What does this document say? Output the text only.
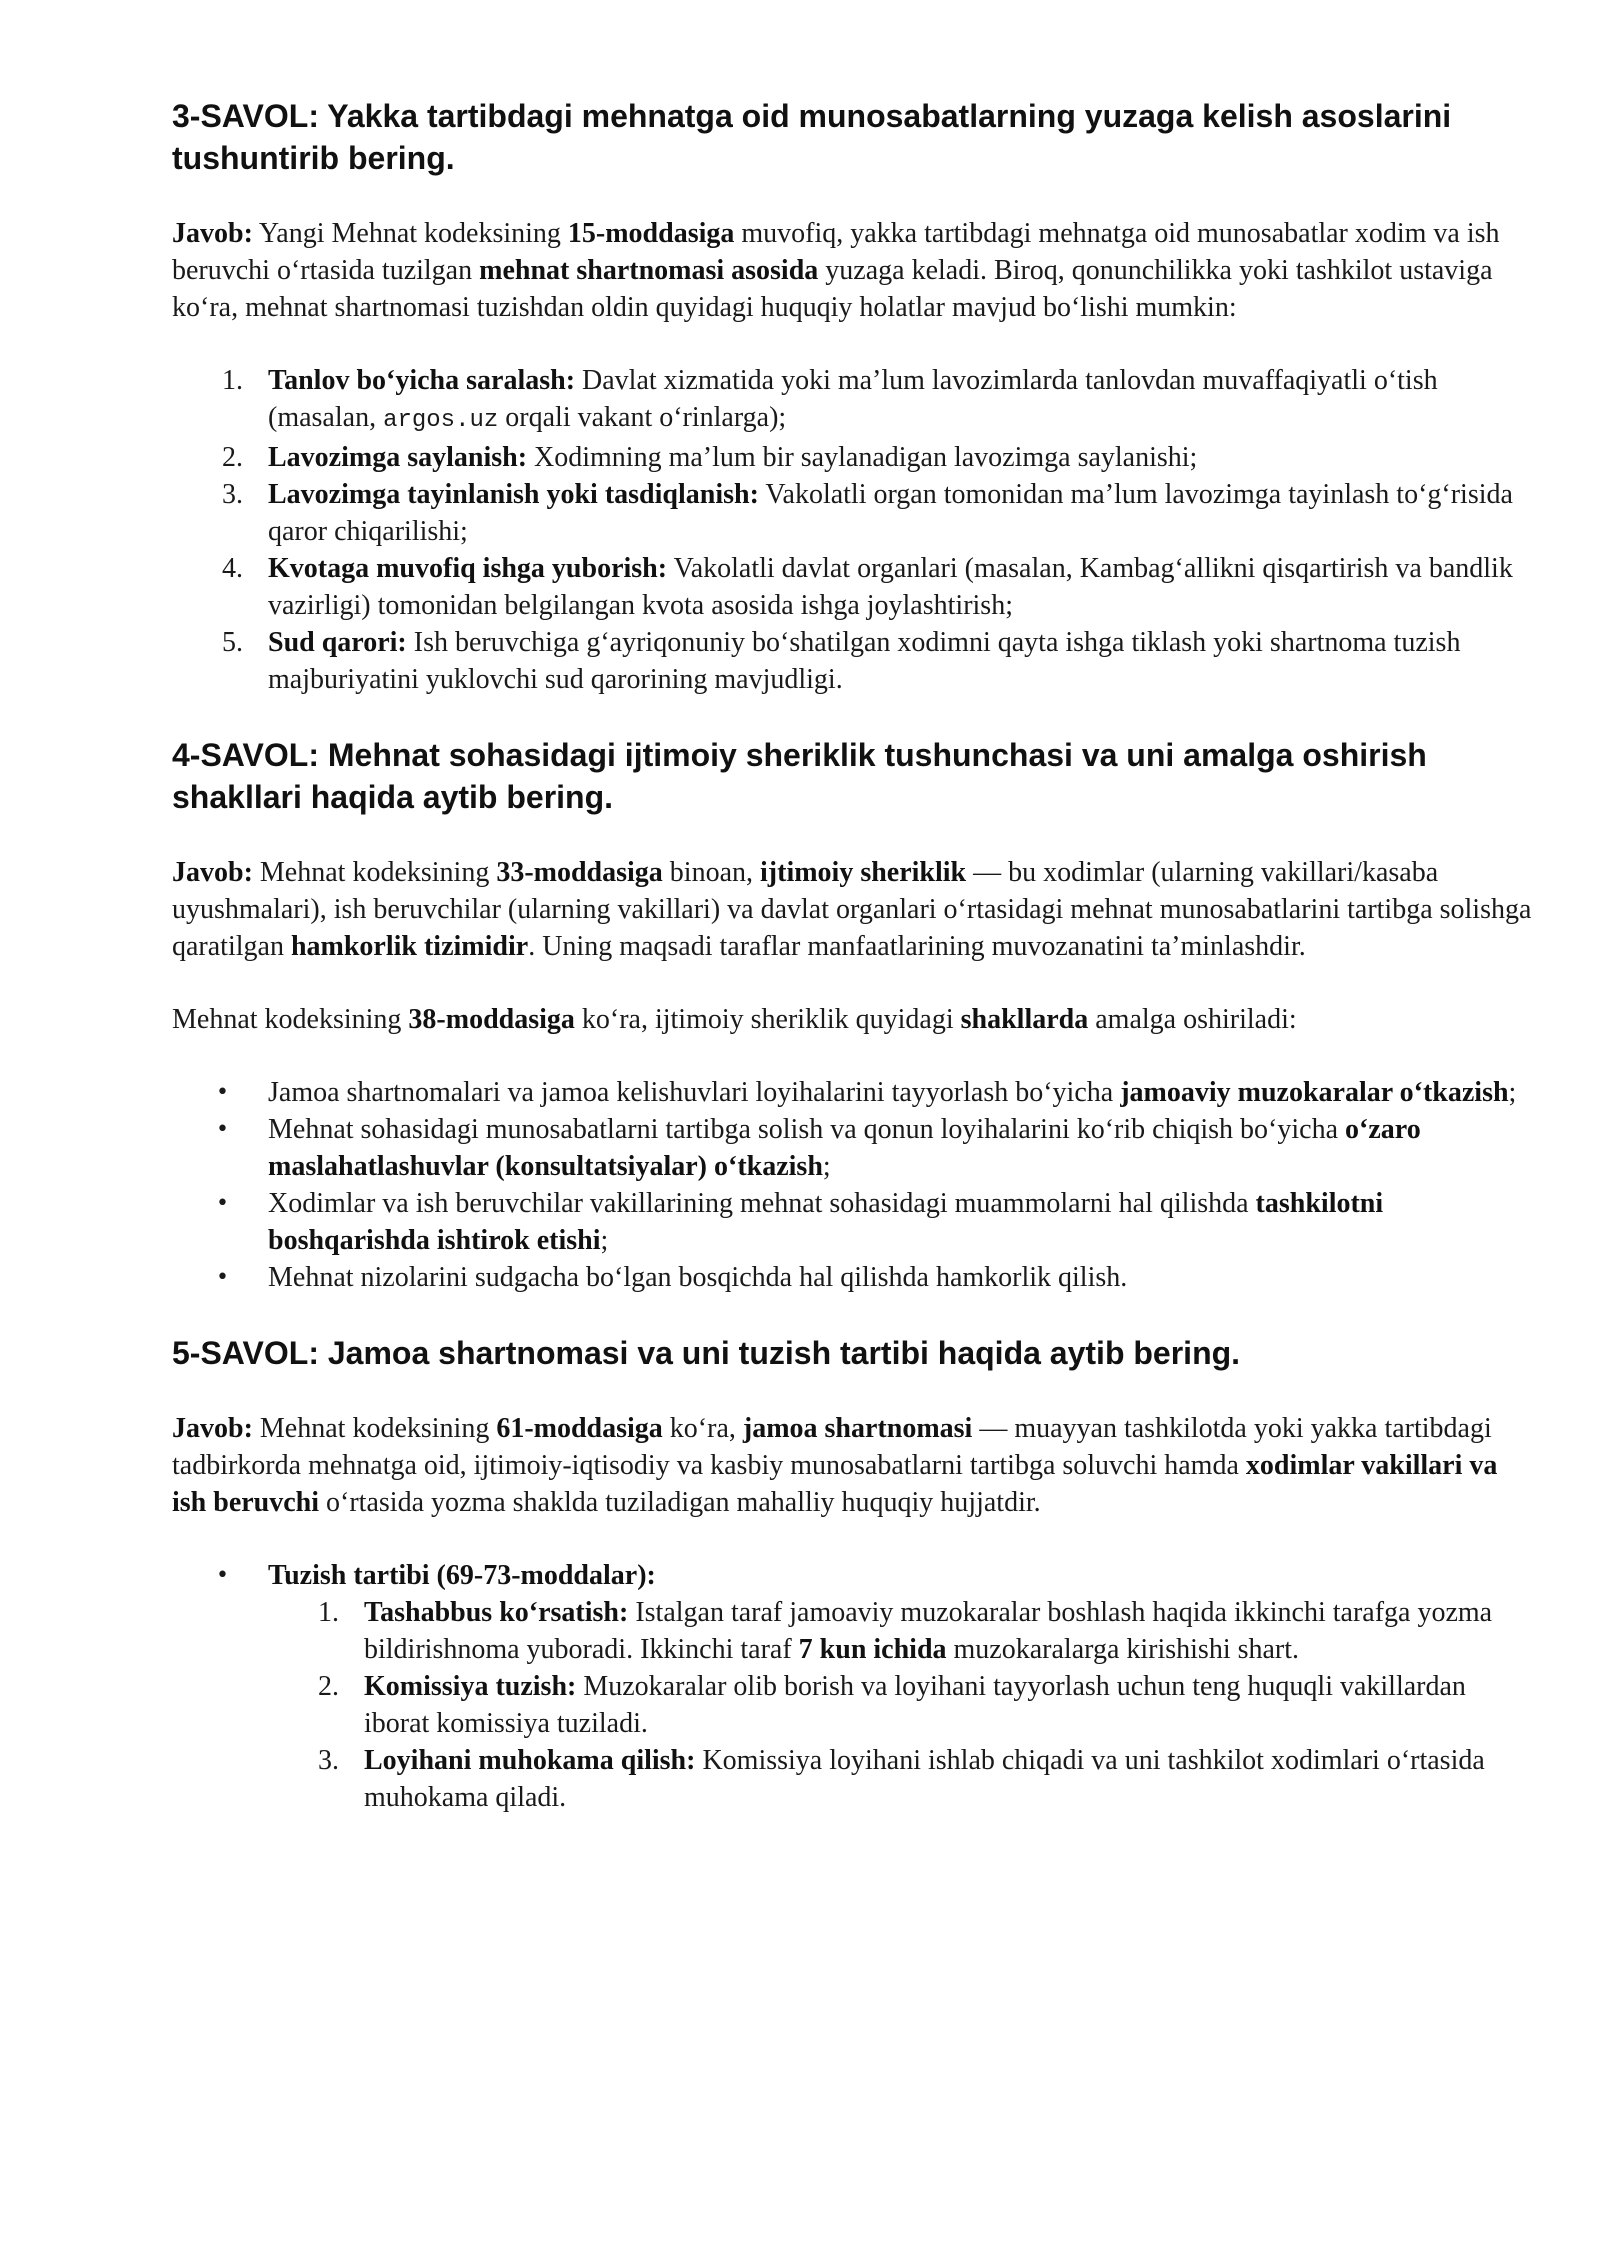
3-SAVOL: Yakka tartibdagi mehnatga oid munosabatlarning yuzaga kelish asoslarini tushuntirib bering.

Javob: Yangi Mehnat kodeksining 15-moddasiga muvofiq, yakka tartibdagi mehnatga oid munosabatlar xodim va ish beruvchi o‘rtasida tuzilgan mehnat shartnomasi asosida yuzaga keladi. Biroq, qonunchilikka yoki tashkilot ustaviga ko‘ra, mehnat shartnomasi tuzishdan oldin quyidagi huquqiy holatlar mavjud bo‘lishi mumkin:

1. Tanlov bo‘yicha saralash: Davlat xizmatida yoki ma’lum lavozimlarda tanlovdan muvaffaqiyatli o‘tish (masalan, argos.uz orqali vakant o‘rinlarga);
2. Lavozimga saylanish: Xodimning ma’lum bir saylanadigan lavozimga saylanishi;
3. Lavozimga tayinlanish yoki tasdiqlanish: Vakolatli organ tomonidan ma’lum lavozimga tayinlash to‘g‘risida qaror chiqarilishi;
4. Kvotaga muvofiq ishga yuborish: Vakolatli davlat organlari (masalan, Kambag‘allikni qisqartirish va bandlik vazirligi) tomonidan belgilangan kvota asosida ishga joylashtirish;
5. Sud qarori: Ish beruvchiga g‘ayriqonuniy bo‘shatilgan xodimni qayta ishga tiklash yoki shartnoma tuzish majburiyatini yuklovchi sud qarorining mavjudligi.
4-SAVOL: Mehnat sohasidagi ijtimoiy sheriklik tushunchasi va uni amalga oshirish shakllari haqida aytib bering.

Javob: Mehnat kodeksining 33-moddasiga binoan, ijtimoiy sheriklik — bu xodimlar (ularning vakillari/kasaba uyushmalari), ish beruvchilar (ularning vakillari) va davlat organlari o‘rtasidagi mehnat munosabatlarini tartibga solishga qaratilgan hamkorlik tizimidir. Uning maqsadi taraflar manfaatlarining muvozanatini ta’minlashdir.

Mehnat kodeksining 38-moddasiga ko‘ra, ijtimoiy sheriklik quyidagi shakllarda amalga oshiriladi:

• Jamoa shartnomalari va jamoa kelishuvlari loyihalarini tayyorlash bo‘yicha jamoaviy muzokaralar o‘tkazish;
• Mehnat sohasidagi munosabatlarni tartibga solish va qonun loyihalarini ko‘rib chiqish bo‘yicha o‘zaro maslahatlashuvlar (konsultatsiyalar) o‘tkazish;
• Xodimlar va ish beruvchilar vakillarining mehnat sohasidagi muammolarni hal qilishda tashkilotni boshqarishda ishtirok etishi;
• Mehnat nizolarini sudgacha bo‘lgan bosqichda hal qilishda hamkorlik qilish.
5-SAVOL: Jamoa shartnomasi va uni tuzish tartibi haqida aytib bering.

Javob: Mehnat kodeksining 61-moddasiga ko‘ra, jamoa shartnomasi — muayyan tashkilotda yoki yakka tartibdagi tadbirkorda mehnatga oid, ijtimoiy-iqtisodiy va kasbiy munosabatlarni tartibga soluvchi hamda xodimlar vakillari va ish beruvchi o‘rtasida yozma shaklda tuziladigan mahalliy huquqiy hujjatdir.

• Tuzish tartibi (69-73-moddalar):
1. Tashabbus ko‘rsatish: Istalgan taraf jamoaviy muzokaralar boshlash haqida ikkinchi tarafga yozma bildirishnoma yuboradi. Ikkinchi taraf 7 kun ichida muzokaralarga kirishishi shart.
2. Komissiya tuzish: Muzokaralar olib borish va loyihani tayyorlash uchun teng huquqli vakillardan iborat komissiya tuziladi.
3. Loyihani muhokama qilish: Komissiya loyihani ishlab chiqadi va uni tashkilot xodimlari o‘rtasida muhokama qiladi.
